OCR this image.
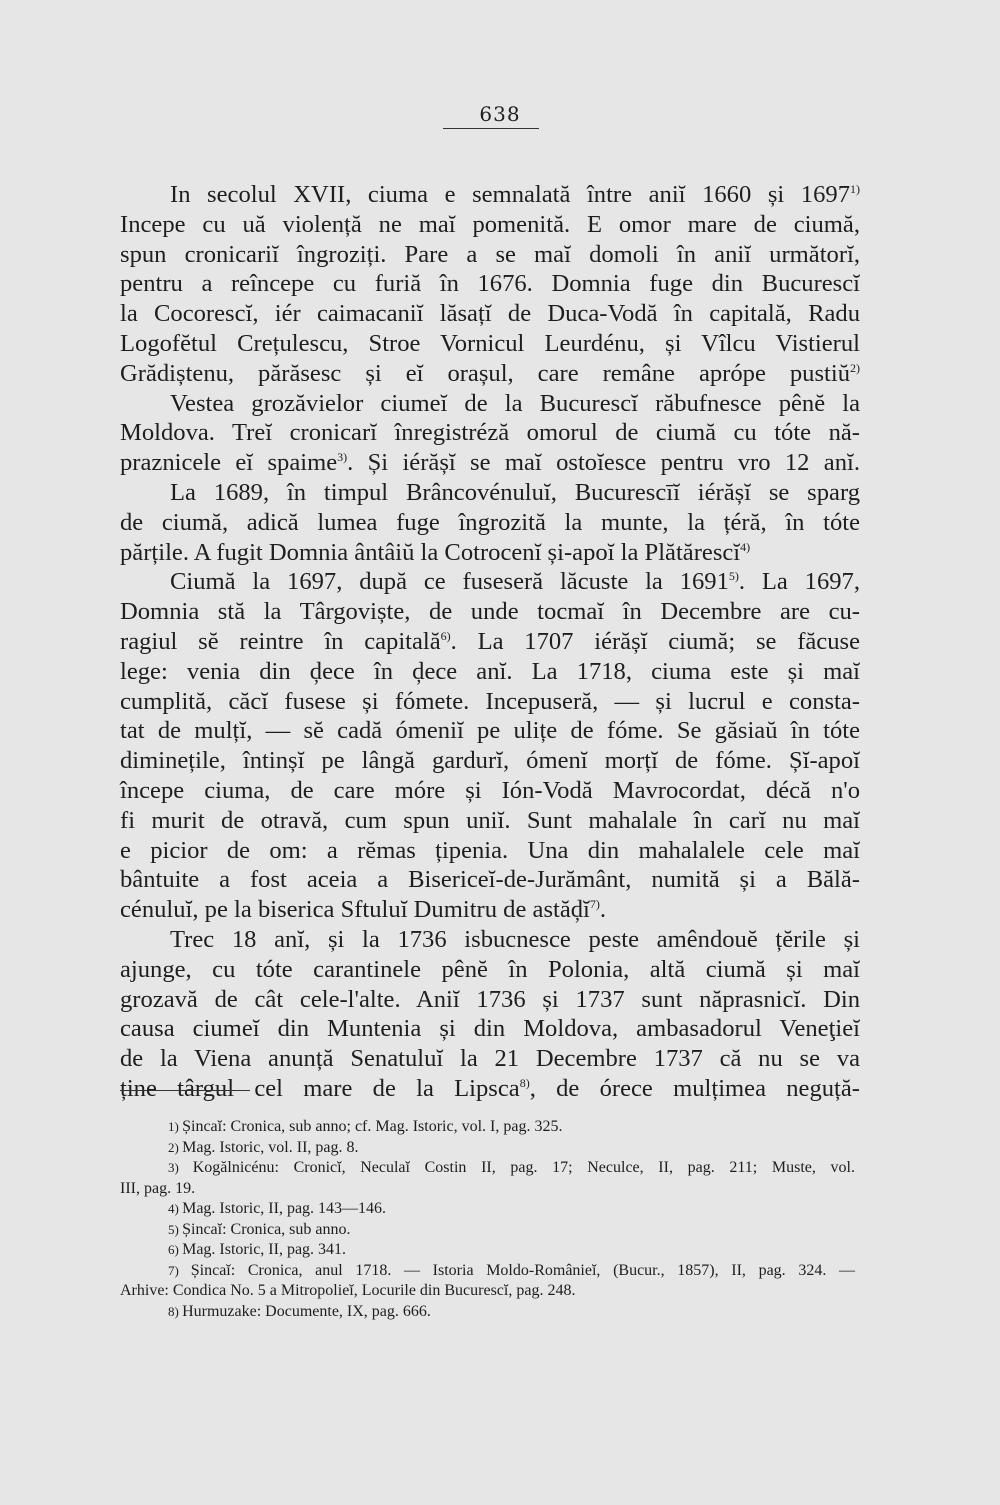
638
In secolul XVII, ciuma e semnalată între aniĭ 1660 și 1697$^{1)}$
Incepe cu uă violență ne maĭ pomenită. E omor mare de ciumă,
spun cronicariĭ îngroziți. Pare a se maĭ domoli în aniĭ următorĭ,
pentru a reîncepe cu furiă în 1676. Domnia fuge din Bucurescĭ
la Cocorescĭ, iér caimacaniĭ lăsațĭ de Duca-Vodă în capitală, Radu
Logofĕtul Crețulescu, Stroe Vornicul Leurdénu, și Vîlcu Vistierul
Grădiștenu, părăsesc și eĭ orașul, care remâne aprópe pustiŭ$^{2)}$
Vestea grozăvielor ciumeĭ de la Bucurescĭ răbufnesce pênĕ la
Moldova. Treĭ cronicarĭ înregistréză omorul de ciumă cu tóte nă-
praznicele eĭ spaime$^{3)}$. Și iérășĭ se maĭ ostoĭesce pentru vro 12 anĭ.
La 1689, în timpul Brâncovénuluĭ, Bucurescīĭ iérășĭ se sparg
de ciumă, adică lumea fuge îngrozită la munte, la țéră, în tóte
părțile. A fugit Domnia ântâiŭ la Cotrocenĭ și-apoĭ la Plătărescĭ$^{4)}$
Ciumă la 1697, după ce fuseseră lăcuste la 1691$^{5)}$. La 1697,
Domnia stă la Târgoviște, de unde tocmaĭ în Decembre are cu-
ragiul sĕ reintre în capitală$^{6)}$. La 1707 iérășĭ ciumă; se făcuse
lege: venia din ḑece în ḑece anĭ. La 1718, ciuma este și maĭ
cumplită, căcĭ fusese și fómete. Incepuseră, — și lucrul e consta-
tat de mulțĭ, — sĕ cadă ómeniĭ pe ulițe de fóme. Se găsiaŭ în tóte
diminețile, întinșĭ pe lângă gardurĭ, ómenĭ morțĭ de fóme. Șĭ-apoĭ
începe ciuma, de care móre și Ión-Vodă Mavrocordat, décă n'o
fi murit de otravă, cum spun uniĭ. Sunt mahalale în carĭ nu maĭ
e picior de om: a rĕmas țipenia. Una din mahalalele cele maĭ
bântuite a fost aceia a Bisericeĭ-de-Jurământ, numită și a Bălă-
cénuluĭ, pe la biserica Sftuluĭ Dumitru de astăḑĭ$^{7)}$.
Trec 18 anĭ, și la 1736 isbucnesce peste amêndouĕ țĕrile și
ajunge, cu tóte carantinele pênĕ în Polonia, altă ciumă și maĭ
grozavă de cât cele-l'alte. Aniĭ 1736 și 1737 sunt năprasnicĭ. Din
causa ciumeĭ din Muntenia și din Moldova, ambasadorul Veneţieĭ
de la Viena anunță Senatuluĭ la 21 Decembre 1737 că nu se va
ține târgul cel mare de la Lipsca$^{8)}$, de órece mulțimea neguță-
1) Șincaĭ: Cronica, sub anno; cf. Mag. Istoric, vol. I, pag. 325.
2) Mag. Istoric, vol. II, pag. 8.
3) Kogălnicénu: Cronicĭ, Neculaĭ Costin II, pag. 17; Neculce, II, pag. 211; Muste, vol.
III, pag. 19.
4) Mag. Istoric, II, pag. 143—146.
5) Șincaĭ: Cronica, sub anno.
6) Mag. Istoric, II, pag. 341.
7) Șincaĭ: Cronica, anul 1718. — Istoria Moldo-Românieĭ, (Bucur., 1857), II, pag. 324. —
Arhive: Condica No. 5 a Mitropolieĭ, Locurile din Bucurescĭ, pag. 248.
8) Hurmuzake: Documente, IX, pag. 666.
